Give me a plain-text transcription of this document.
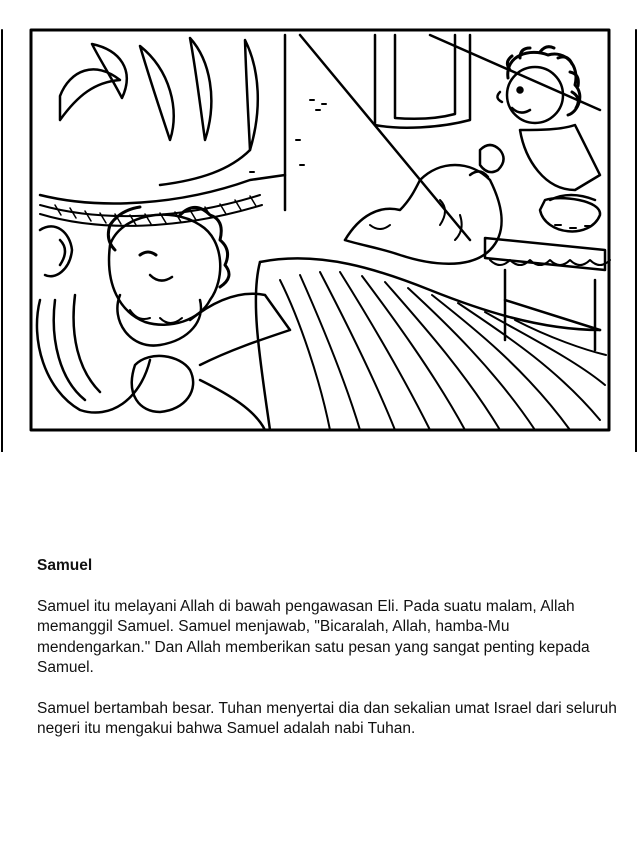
Samuel
Samuel itu melayani Allah di bawah pengawasan Eli. Pada suatu malam, Allah memanggil Samuel. Samuel menjawab, "Bicaralah, Allah, hamba-Mu mendengarkan." Dan Allah memberikan satu pesan yang sangat penting kepada Samuel.
Samuel bertambah besar. Tuhan menyertai dia dan sekalian umat Israel dari seluruh negeri itu mengakui bahwa Samuel adalah nabi Tuhan.
